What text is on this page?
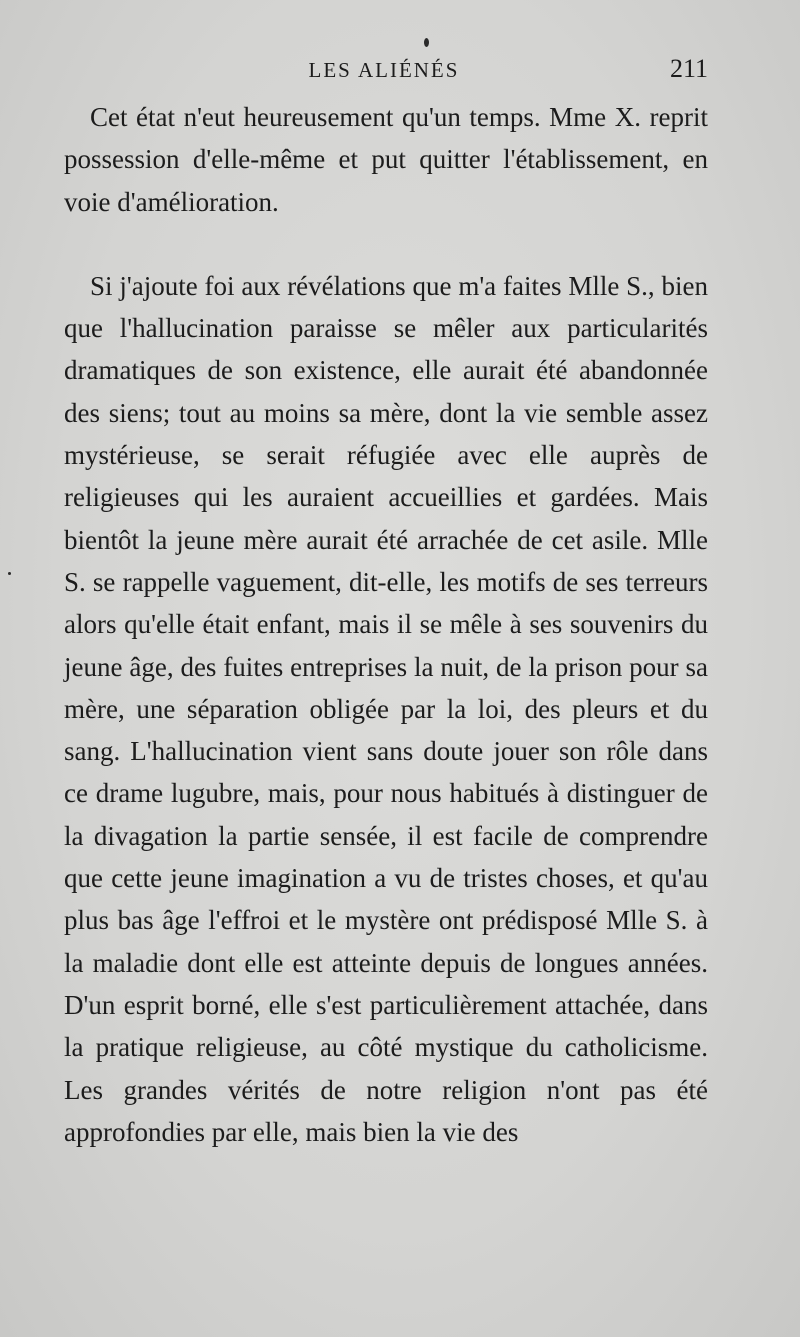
LES ALIÉNÉS	211

Cet état n'eut heureusement qu'un temps. Mme X. reprit possession d'elle-même et put quitter l'établissement, en voie d'amélioration.

Si j'ajoute foi aux révélations que m'a faites Mlle S., bien que l'hallucination paraisse se mêler aux particularités dramatiques de son existence, elle aurait été abandonnée des siens; tout au moins sa mère, dont la vie semble assez mystérieuse, se serait réfugiée avec elle auprès de religieuses qui les auraient accueillies et gardées. Mais bientôt la jeune mère aurait été arrachée de cet asile. Mlle S. se rappelle vaguement, dit-elle, les motifs de ses terreurs alors qu'elle était enfant, mais il se mêle à ses souvenirs du jeune âge, des fuites entreprises la nuit, de la prison pour sa mère, une séparation obligée par la loi, des pleurs et du sang. L'hallucination vient sans doute jouer son rôle dans ce drame lugubre, mais, pour nous habitués à distinguer de la divagation la partie sensée, il est facile de comprendre que cette jeune imagination a vu de tristes choses, et qu'au plus bas âge l'effroi et le mystère ont prédisposé Mlle S. à la maladie dont elle est atteinte depuis de longues années. D'un esprit borné, elle s'est particulièrement attachée, dans la pratique religieuse, au côté mystique du catholicisme. Les grandes vérités de notre religion n'ont pas été approfondies par elle, mais bien la vie des
